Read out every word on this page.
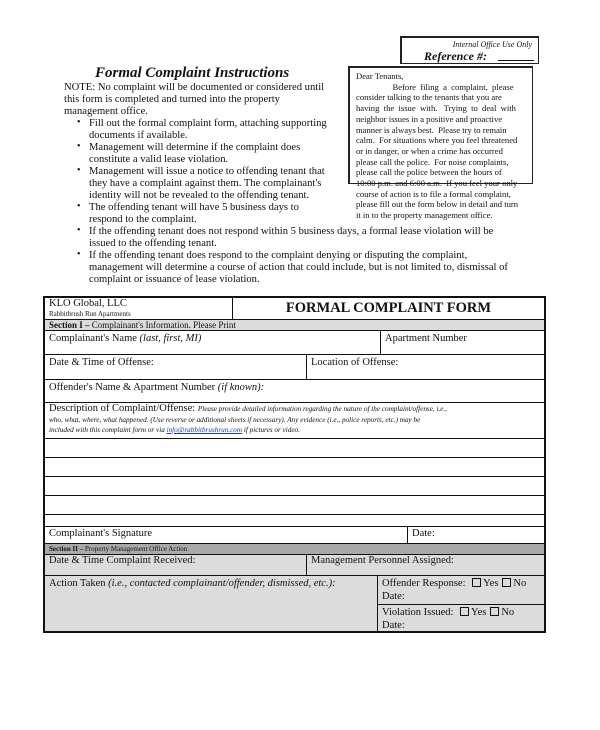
Internal Office Use Only
Reference #:
Formal Complaint Instructions
NOTE: No complaint will be documented or considered until
this form is completed and turned into the property
management office.
• Fill out the formal complaint form, attaching supporting
documents if available.
• Management will determine if the complaint does
constitute a valid lease violation.
• Management will issue a notice to offending tenant that
they have a complaint against them. The complainant's
identity will not be revealed to the offending tenant.
• The offending tenant will have 5 business days to
respond to the complaint.
• If the offending tenant does not respond within 5 business days, a formal lease violation will be
issued to the offending tenant.
• If the offending tenant does respond to the complaint denying or disputing the complaint,
management will determine a course of action that could include, but is not limited to, dismissal of
complaint or issuance of lease violation.
Dear Tenants,
Before  filing  a  complaint,  please
consider talking to the tenants that you are
having  the  issue  with.   Trying  to  deal  with
neighbor issues in a positive and proactive
manner is always best.  Please try to remain
calm.  For situations where you feel threatened
or in danger, or when a crime has occurred
please call the police.  For noise complaints,
please call the police between the hours of
10:00 p.m. and 6:00 a.m.  If you feel your only
course of action is to file a formal complaint,
please fill out the form below in detail and turn
it in to the property management office.
KLO Global, LLC
Rabbitbrush Run Apartments	FORMAL COMPLAINT FORM
Section I – Complainant's Information. Please Print
Complainant's Name (last, first, MI)	Apartment Number
Date & Time of Offense:	Location of Offense:
Offender's Name & Apartment Number (if known):
Description of Complaint/Offense: Please provide detailed information regarding the nature of the complaint/offense, i.e.,
who, what, where, what happened. (Use reverse or additional sheets if necessary). Any evidence (i.e., police reports, etc.) may be
included with this complaint form or via info@rabbitbrushrun.com if pictures or video.
Complainant's Signature	Date:
Section II – Property Management Office Action
Date & Time Complaint Received:	Management Personnel Assigned:
Action Taken (i.e., contacted complainant/offender, dismissed, etc.):	Offender Response: Yes No
Date:
Violation Issued: Yes No
Date:
